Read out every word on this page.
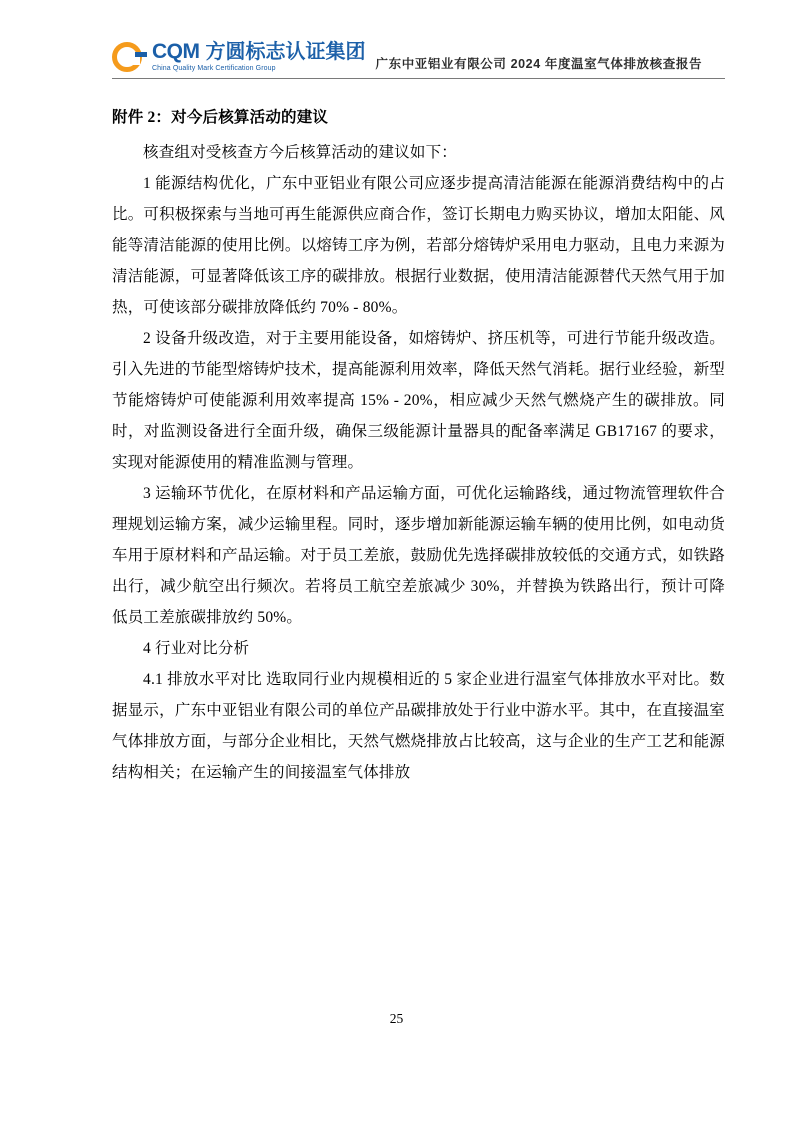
CQM 方圆标志认证集团
China Quality Mark Certification Group	广东中亚铝业有限公司 2024 年度温室气体排放核查报告
附件 2：对今后核算活动的建议

核查组对受核查方今后核算活动的建议如下：

1 能源结构优化，广东中亚铝业有限公司应逐步提高清洁能源在能源消费结构中的占比。可积极探索与当地可再生能源供应商合作，签订长期电力购买协议，增加太阳能、风能等清洁能源的使用比例。以熔铸工序为例，若部分熔铸炉采用电力驱动，且电力来源为清洁能源，可显著降低该工序的碳排放。根据行业数据，使用清洁能源替代天然气用于加热，可使该部分碳排放降低约 70% - 80%。

2 设备升级改造，对于主要用能设备，如熔铸炉、挤压机等，可进行节能升级改造。引入先进的节能型熔铸炉技术，提高能源利用效率，降低天然气消耗。据行业经验，新型节能熔铸炉可使能源利用效率提高 15% - 20%，相应减少天然气燃烧产生的碳排放。同时，对监测设备进行全面升级，确保三级能源计量器具的配备率满足 GB17167 的要求，实现对能源使用的精准监测与管理。

3 运输环节优化，在原材料和产品运输方面，可优化运输路线，通过物流管理软件合理规划运输方案，减少运输里程。同时，逐步增加新能源运输车辆的使用比例，如电动货车用于原材料和产品运输。对于员工差旅，鼓励优先选择碳排放较低的交通方式，如铁路出行，减少航空出行频次。若将员工航空差旅减少 30%，并替换为铁路出行，预计可降低员工差旅碳排放约 50%。

4 行业对比分析

4.1 排放水平对比 选取同行业内规模相近的 5 家企业进行温室气体排放水平对比。数据显示，广东中亚铝业有限公司的单位产品碳排放处于行业中游水平。其中，在直接温室气体排放方面，与部分企业相比，天然气燃烧排放占比较高，这与企业的生产工艺和能源结构相关；在运输产生的间接温室气体排放

25
